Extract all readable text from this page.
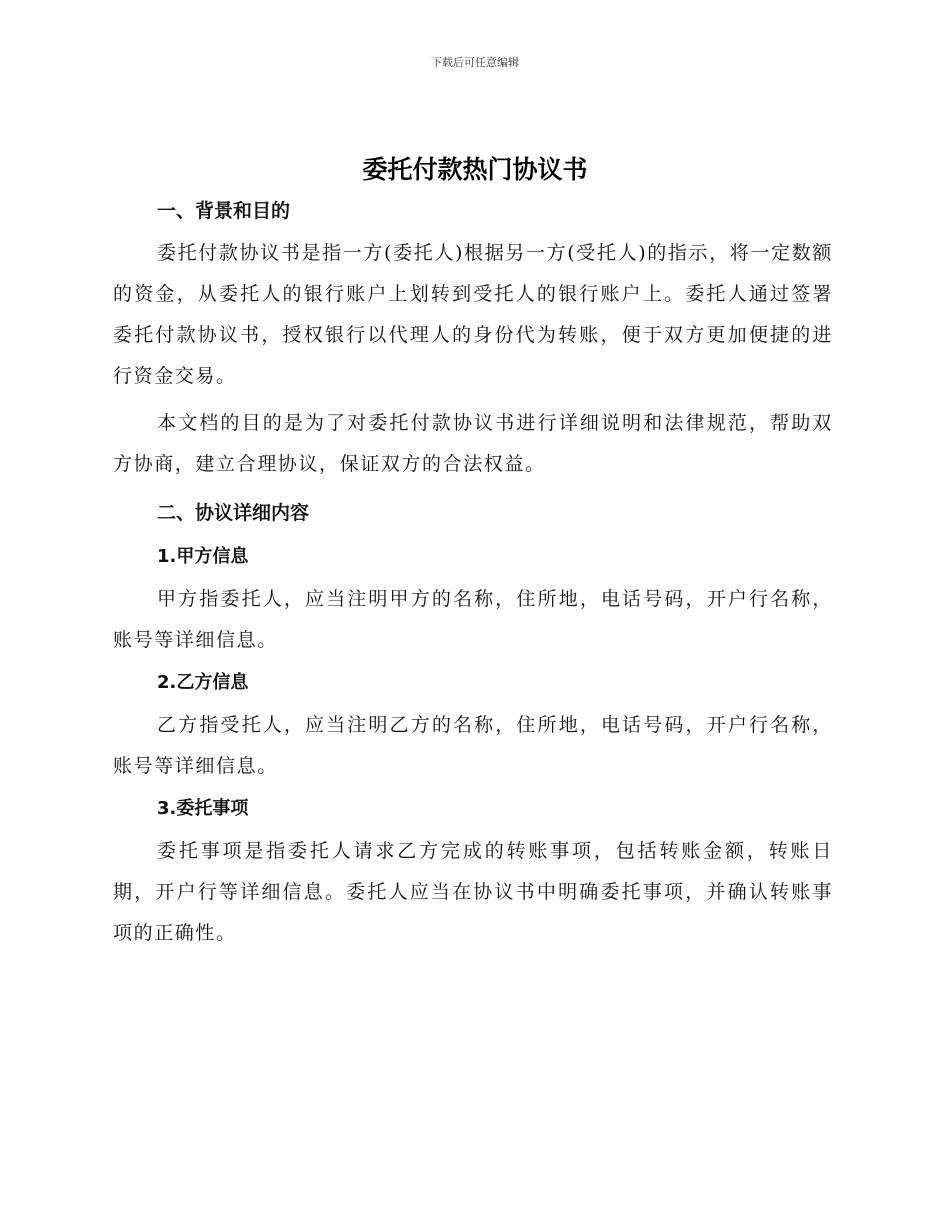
下载后可任意编辑
委托付款热门协议书
一、背景和目的

委托付款协议书是指一方(委托人)根据另一方(受托人)的指示，将一定数额的资金，从委托人的银行账户上划转到受托人的银行账户上。委托人通过签署委托付款协议书，授权银行以代理人的身份代为转账，便于双方更加便捷的进行资金交易。

本文档的目的是为了对委托付款协议书进行详细说明和法律规范，帮助双方协商，建立合理协议，保证双方的合法权益。

二、协议详细内容
1.甲方信息

甲方指委托人，应当注明甲方的名称，住所地，电话号码，开户行名称，账号等详细信息。

2.乙方信息

乙方指受托人，应当注明乙方的名称，住所地，电话号码，开户行名称，账号等详细信息。

3.委托事项

委托事项是指委托人请求乙方完成的转账事项，包括转账金额，转账日期，开户行等详细信息。委托人应当在协议书中明确委托事项，并确认转账事项的正确性。
